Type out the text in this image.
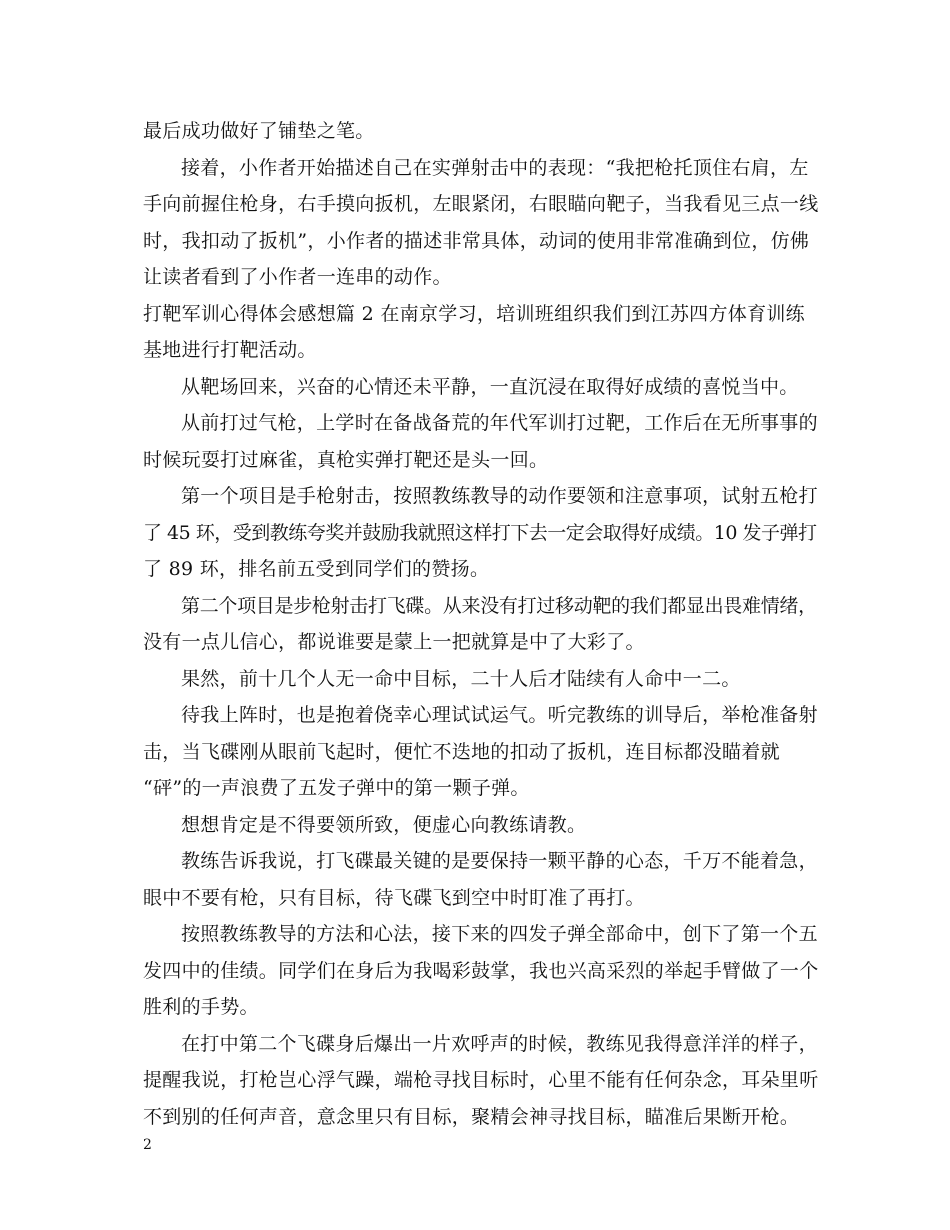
最后成功做好了铺垫之笔。
接着，小作者开始描述自己在实弹射击中的表现：“我把枪托顶住右肩，左
手向前握住枪身，右手摸向扳机，左眼紧闭，右眼瞄向靶子，当我看见三点一线
时，我扣动了扳机”，小作者的描述非常具体，动词的使用非常准确到位，仿佛
让读者看到了小作者一连串的动作。
打靶军训心得体会感想篇 2 在南京学习，培训班组织我们到江苏四方体育训练
基地进行打靶活动。
从靶场回来，兴奋的心情还未平静，一直沉浸在取得好成绩的喜悦当中。
从前打过气枪，上学时在备战备荒的年代军训打过靶，工作后在无所事事的
时候玩耍打过麻雀，真枪实弹打靶还是头一回。
第一个项目是手枪射击，按照教练教导的动作要领和注意事项，试射五枪打
了 45 环，受到教练夸奖并鼓励我就照这样打下去一定会取得好成绩。10 发子弹打
了 89 环，排名前五受到同学们的赞扬。
第二个项目是步枪射击打飞碟。从来没有打过移动靶的我们都显出畏难情绪，
没有一点儿信心，都说谁要是蒙上一把就算是中了大彩了。
果然，前十几个人无一命中目标，二十人后才陆续有人命中一二。
待我上阵时，也是抱着侥幸心理试试运气。听完教练的训导后，举枪准备射
击，当飞碟刚从眼前飞起时，便忙不迭地的扣动了扳机，连目标都没瞄着就
“砰”的一声浪费了五发子弹中的第一颗子弹。
想想肯定是不得要领所致，便虚心向教练请教。
教练告诉我说，打飞碟最关键的是要保持一颗平静的心态，千万不能着急，
眼中不要有枪，只有目标，待飞碟飞到空中时盯准了再打。
按照教练教导的方法和心法，接下来的四发子弹全部命中，创下了第一个五
发四中的佳绩。同学们在身后为我喝彩鼓掌，我也兴高采烈的举起手臂做了一个
胜利的手势。
在打中第二个飞碟身后爆出一片欢呼声的时候，教练见我得意洋洋的样子，
提醒我说，打枪岂心浮气躁，端枪寻找目标时，心里不能有任何杂念，耳朵里听
不到别的任何声音，意念里只有目标，聚精会神寻找目标，瞄准后果断开枪。
2
